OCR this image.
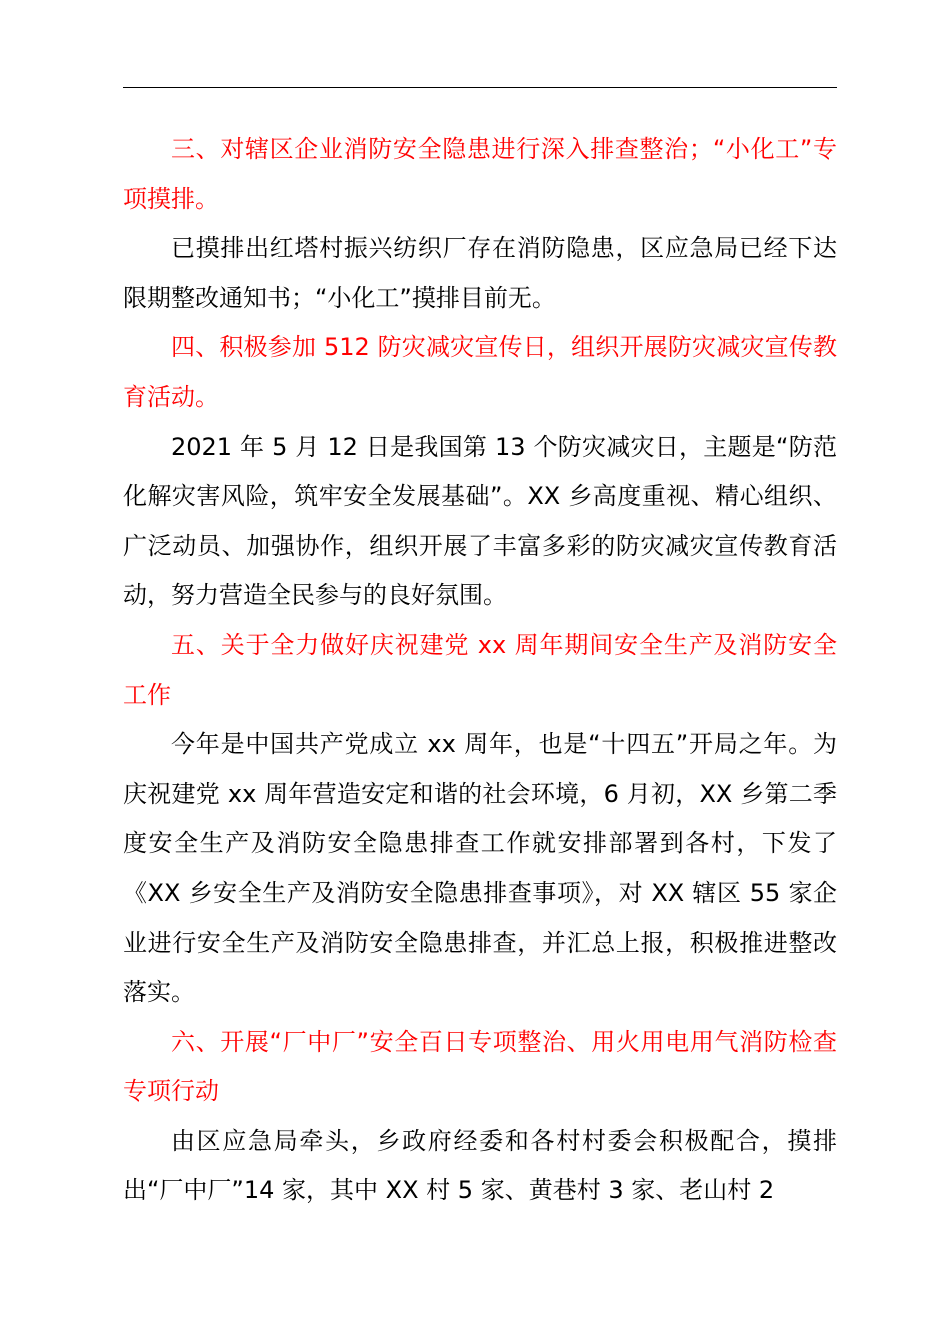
三、对辖区企业消防安全隐患进行深入排查整治；“小化工”专项摸排。

已摸排出红塔村振兴纺织厂存在消防隐患，区应急局已经下达限期整改通知书；“小化工”摸排目前无。

四、积极参加 512 防灾减灾宣传日，组织开展防灾减灾宣传教育活动。

2021 年 5 月 12 日是我国第 13 个防灾减灾日，主题是“防范化解灾害风险，筑牢安全发展基础”。XX 乡高度重视、精心组织、广泛动员、加强协作，组织开展了丰富多彩的防灾减灾宣传教育活动，努力营造全民参与的良好氛围。

五、关于全力做好庆祝建党 xx 周年期间安全生产及消防安全工作

今年是中国共产党成立 xx 周年，也是“十四五”开局之年。为庆祝建党 xx 周年营造安定和谐的社会环境，6 月初，XX 乡第二季度安全生产及消防安全隐患排查工作就安排部署到各村，下发了《XX 乡安全生产及消防安全隐患排查事项》，对 XX 辖区 55 家企业进行安全生产及消防安全隐患排查，并汇总上报，积极推进整改落实。

六、开展“厂中厂”安全百日专项整治、用火用电用气消防检查专项行动

由区应急局牵头，乡政府经委和各村村委会积极配合，摸排出“厂中厂”14 家，其中 XX 村 5 家、黄巷村 3 家、老山村 2
